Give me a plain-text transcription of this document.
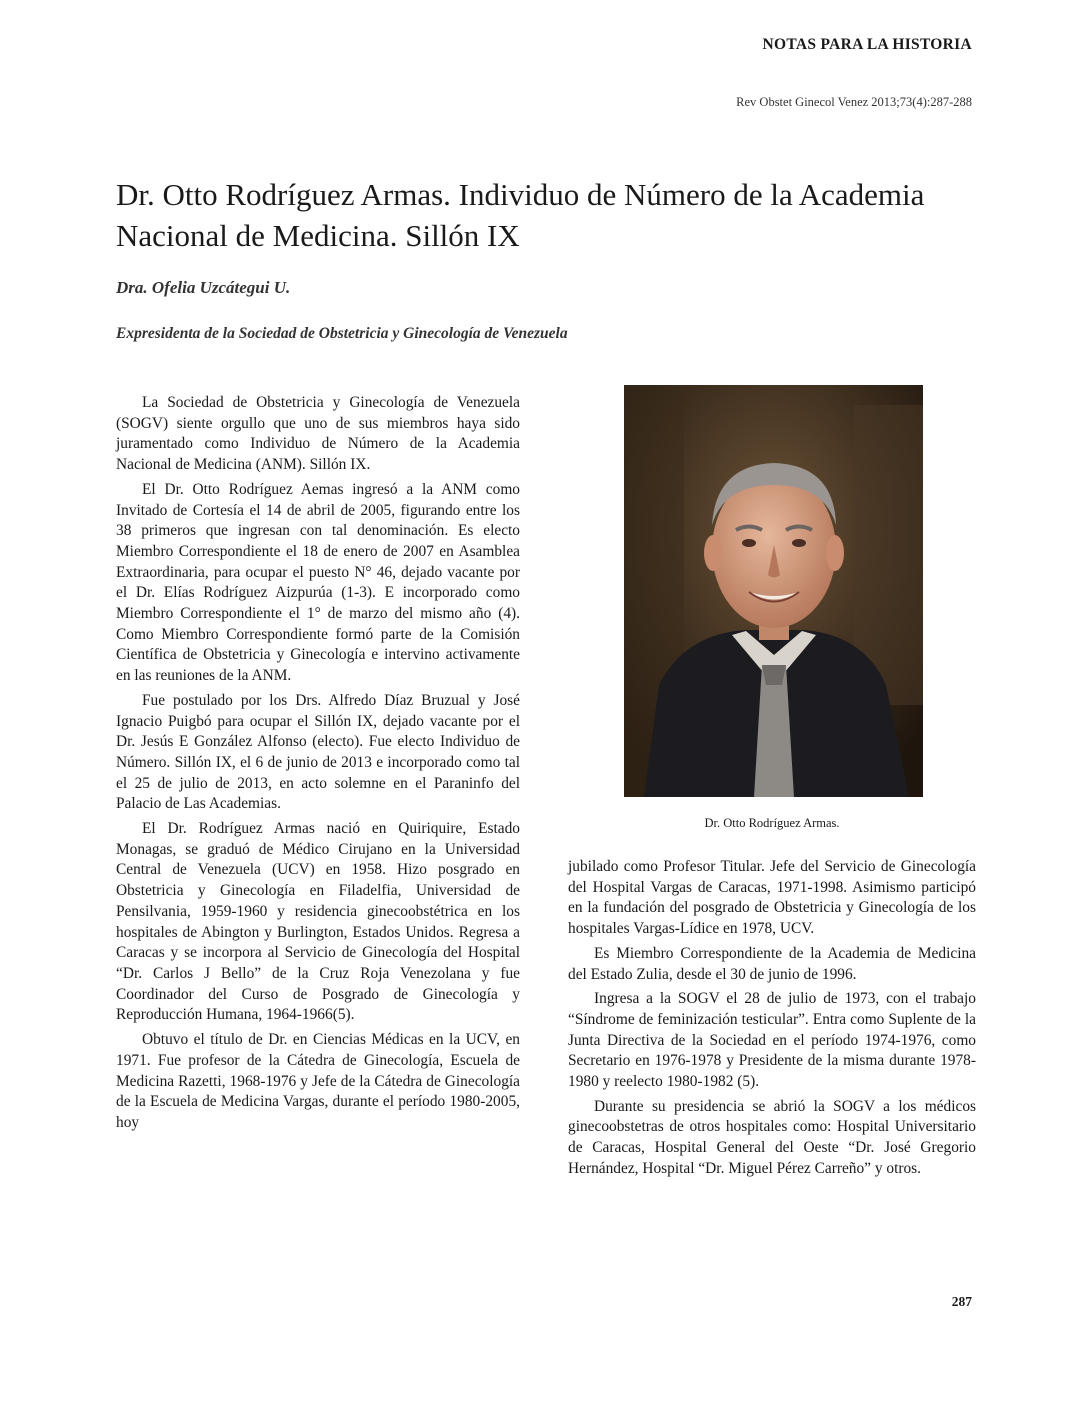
NOTAS PARA LA HISTORIA
Rev Obstet Ginecol Venez 2013;73(4):287-288
Dr. Otto Rodríguez Armas. Individuo de Número de la Academia Nacional de Medicina. Sillón IX
Dra. Ofelia Uzcátegui U.
Expresidenta de la Sociedad de Obstetricia y Ginecología de Venezuela

La Sociedad de Obstetricia y Ginecología de Venezuela (SOGV) siente orgullo que uno de sus miembros haya sido juramentado como Individuo de Número de la Academia Nacional de Medicina (ANM). Sillón IX.

El Dr. Otto Rodríguez Aemas ingresó a la ANM como Invitado de Cortesía el 14 de abril de 2005, figurando entre los 38 primeros que ingresan con tal denominación. Es electo Miembro Correspondiente el 18 de enero de 2007 en Asamblea Extraordinaria, para ocupar el puesto N° 46, dejado vacante por el Dr. Elías Rodríguez Aizpurúa (1-3). E incorporado como Miembro Correspondiente el 1° de marzo del mismo año (4). Como Miembro Correspondiente formó parte de la Comisión Científica de Obstetricia y Ginecología e intervino activamente en las reuniones de la ANM.

Fue postulado por los Drs. Alfredo Díaz Bruzual y José Ignacio Puigbó para ocupar el Sillón IX, dejado vacante por el Dr. Jesús E González Alfonso (electo). Fue electo Individuo de Número. Sillón IX, el 6 de junio de 2013 e incorporado como tal el 25 de julio de 2013, en acto solemne en el Paraninfo del Palacio de Las Academias.

El Dr. Rodríguez Armas nació en Quiriquire, Estado Monagas, se graduó de Médico Cirujano en la Universidad Central de Venezuela (UCV) en 1958. Hizo posgrado en Obstetricia y Ginecología en Filadelfia, Universidad de Pensilvania, 1959-1960 y residencia ginecoobstétrica en los hospitales de Abington y Burlington, Estados Unidos. Regresa a Caracas y se incorpora al Servicio de Ginecología del Hospital “Dr. Carlos J Bello” de la Cruz Roja Venezolana y fue Coordinador del Curso de Posgrado de Ginecología y Reproducción Humana, 1964-1966(5).

Obtuvo el título de Dr. en Ciencias Médicas en la UCV, en 1971. Fue profesor de la Cátedra de Ginecología, Escuela de Medicina Razetti, 1968-1976 y Jefe de la Cátedra de Ginecología de la Escuela de Medicina Vargas, durante el período 1980-2005, hoy

Dr. Otto Rodríguez Armas.

jubilado como Profesor Titular. Jefe del Servicio de Ginecología del Hospital Vargas de Caracas, 1971-1998. Asimismo participó en la fundación del posgrado de Obstetricia y Ginecología de los hospitales Vargas-Lídice en 1978, UCV.

Es Miembro Correspondiente de la Academia de Medicina del Estado Zulia, desde el 30 de junio de 1996.

Ingresa a la SOGV el 28 de julio de 1973, con el trabajo “Síndrome de feminización testicular”. Entra como Suplente de la Junta Directiva de la Sociedad en el período 1974-1976, como Secretario en 1976-1978 y Presidente de la misma durante 1978-1980 y reelecto 1980-1982 (5).

Durante su presidencia se abrió la SOGV a los médicos ginecoobstetras de otros hospitales como: Hospital Universitario de Caracas, Hospital General del Oeste “Dr. José Gregorio Hernández, Hospital “Dr. Miguel Pérez Carreño” y otros.

287
